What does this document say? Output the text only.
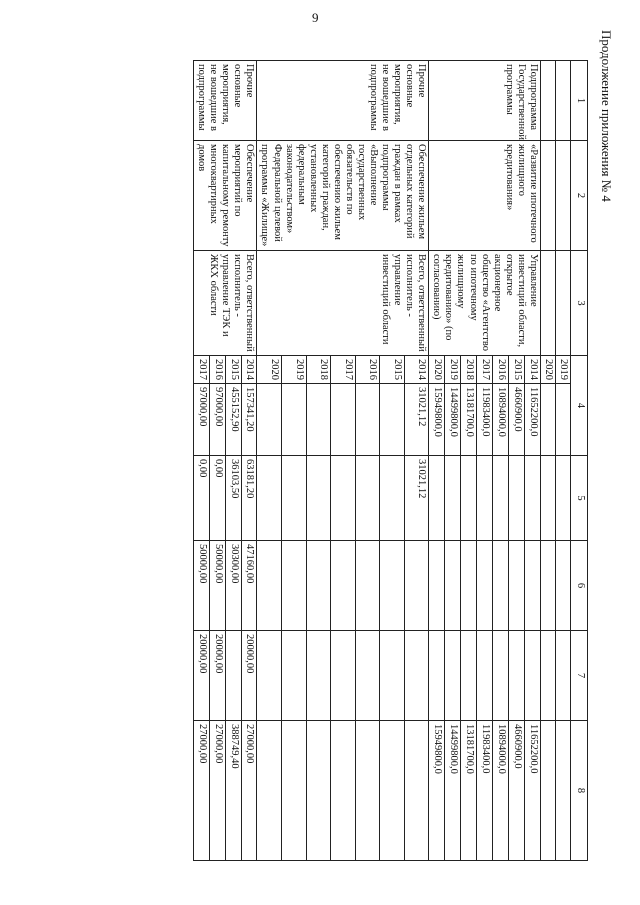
9
Продолжение приложения № 4
1	2	3	4		5	6	7	8
			2019					
			2020					
Подпрограмма Государственной программы	«Развитие ипотечного жилищного кредитования»	Управление инвестиций области, открытое акционерное общество «Агентство по ипотечному жилищному кредитованию» (по согласованию)	2014	11652200,0				11652200,0
			2015	4660900,0				4660900,0
			2016	10894000,0				10894000,0
			2017	11983400,0				11983400,0
			2018	13181700,0				13181700,0
			2019	14499800,0				14499800,0
			2020	15949800,0				15949800,0
Прочие основные мероприятия, не вошедшие в подпрограммы	Обеспечение жильем отдельных категорий граждан в рамках подпрограммы «Выполнение государственных обязательств по обеспечению жильем категорий граждан, установленных федеральным законодательством» Федеральной целевой программы «Жилище»	Всего, ответственный исполнитель - управление инвестиций области	2014	31021,12	31021,12			
			2015					
			2016					
			2017					
			2018					
			2019					
			2020					
Прочие основные мероприятия, не вошедшие в подпрограммы	Обеспечение мероприятий по капитальному ремонту многоквартирных домов	Всего, ответственный исполнитель - управление ТЭК и ЖКХ области	2014	157341,20	63181,20	47160,00	20000,00	27000,00
			2015	455152,90	36103,50	30300,00		388749,40
			2016	97000,00	0,00	50000,00	20000,00	27000,00
			2017	97000,00	0,00	50000,00	20000,00	27000,00
